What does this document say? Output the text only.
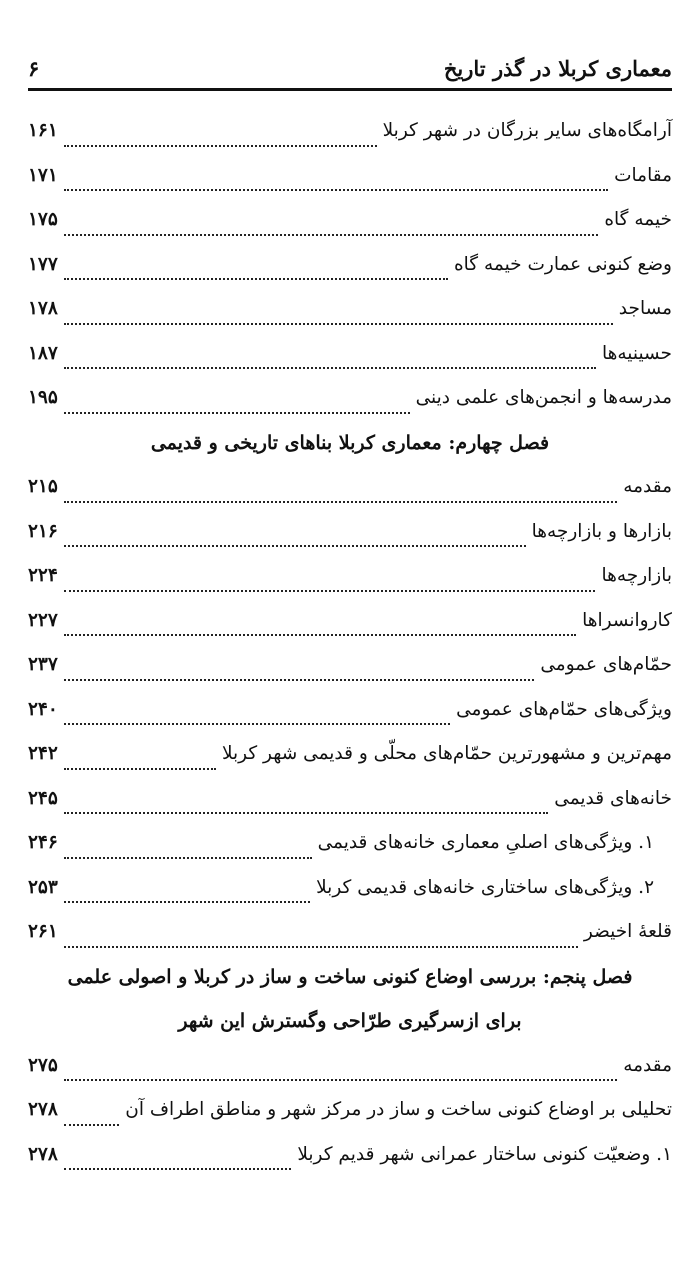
معماری کربلا در گذر تاریخ
۶
آرامگاه‌های سایر بزرگان در شهر کربلا
۱۶۱
مقامات
۱۷۱
خیمه گاه
۱۷۵
وضع کنونی عمارت خیمه گاه
۱۷۷
مساجد
۱۷۸
حسینیه‌ها
۱۸۷
مدرسه‌ها و انجمن‌های علمی دینی
۱۹۵
فصل چهارم: معماری کربلا بناهای تاریخی و قدیمی
مقدمه
۲۱۵
بازارها و بازارچه‌ها
۲۱۶
بازارچه‌ها
۲۲۴
کاروانسراها
۲۲۷
حمّام‌های عمومی
۲۳۷
ویژگی‌های حمّام‌های عمومی
۲۴۰
مهم‌ترین و مشهورترین حمّام‌های محلّی و قدیمی شهر کربلا
۲۴۲
خانه‌های قدیمی
۲۴۵
۱. ویژگی‌های اصلیِ معماری خانه‌های قدیمی
۲۴۶
۲. ویژگی‌های ساختاری خانه‌های قدیمی کربلا
۲۵۳
قلعهٔ اخیضر
۲۶۱
فصل پنجم: بررسی اوضاع کنونی ساخت و ساز در کربلا و اصولی علمی
برای ازسرگیری طرّاحی وگسترش این شهر
مقدمه
۲۷۵
تحلیلی بر اوضاع کنونی ساخت و ساز در مرکز شهر و مناطق اطراف آن
۲۷۸
۱. وضعیّت کنونی ساختار عمرانی شهر قدیم کربلا
۲۷۸
